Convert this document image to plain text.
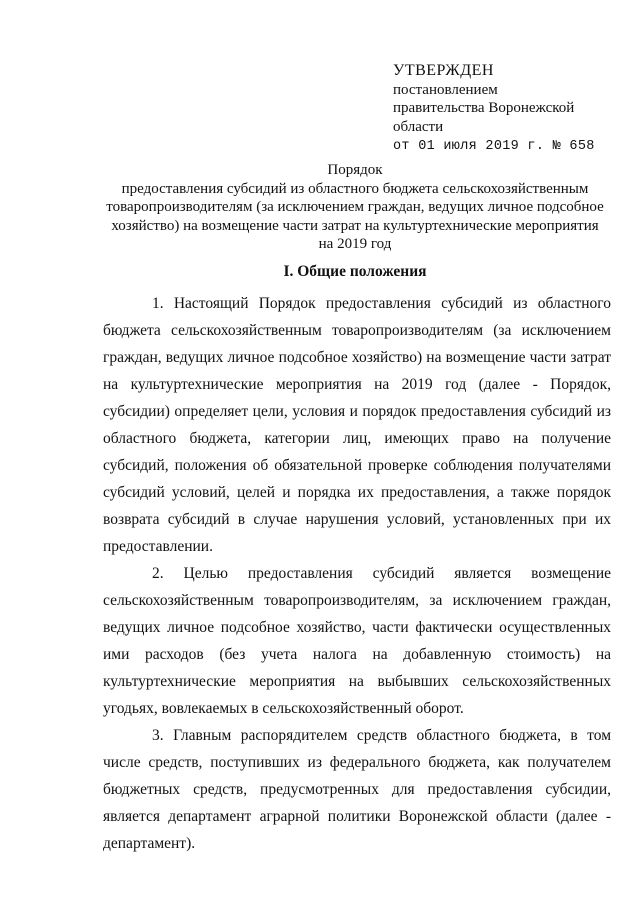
УТВЕРЖДЕН
постановлением
правительства Воронежской
области
от 01 июля 2019 г. № 658
Порядок
предоставления субсидий из областного бюджета сельскохозяйственным
товаропроизводителям (за исключением граждан, ведущих личное подсобное
хозяйство) на возмещение части затрат на культуртехнические мероприятия
на 2019 год
I. Общие положения

1. Настоящий Порядок предоставления субсидий из областного бюджета сельскохозяйственным товаропроизводителям (за исключением граждан, ведущих личное подсобное хозяйство) на возмещение части затрат на культуртехнические мероприятия на 2019 год (далее - Порядок, субсидии) определяет цели, условия и порядок предоставления субсидий из областного бюджета, категории лиц, имеющих право на получение субсидий, положения об обязательной проверке соблюдения получателями субсидий условий, целей и порядка их предоставления, а также порядок возврата субсидий в случае нарушения условий, установленных при их предоставлении.

2. Целью предоставления субсидий является возмещение сельскохозяйственным товаропроизводителям, за исключением граждан, ведущих личное подсобное хозяйство, части фактически осуществленных ими расходов (без учета налога на добавленную стоимость) на культуртехнические мероприятия на выбывших сельскохозяйственных угодьях, вовлекаемых в сельскохозяйственный оборот.

3. Главным распорядителем средств областного бюджета, в том числе средств, поступивших из федерального бюджета, как получателем бюджетных средств, предусмотренных для предоставления субсидии, является департамент аграрной политики Воронежской области (далее - департамент).
